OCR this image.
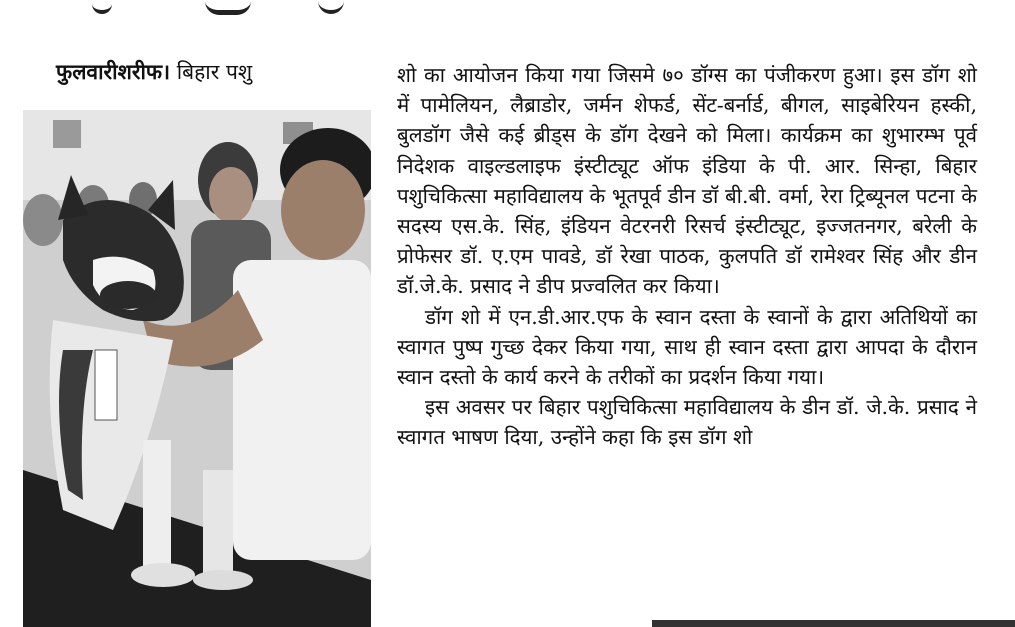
फुलवारीशरीफ। बिहार पशु	शो का आयोजन किया गया जिसमे ७० डॉग्स का पंजीकरण हुआ। इस डॉग शो में पामेलियन, लैब्राडोर, जर्मन शेफर्ड, सेंट-बर्नार्ड, बीगल, साइबेरियन हस्की, बुलडॉग जैसे कई ब्रीड्स के डॉग देखने को मिला। कार्यक्रम का शुभारम्भ पूर्व निदेशक वाइल्डलाइफ इंस्टीट्यूट ऑफ इंडिया के पी. आर. सिन्हा, बिहार पशुचिकित्सा महाविद्यालय के भूतपूर्व डीन डॉ बी.बी. वर्मा, रेरा ट्रिब्यूनल पटना के सदस्य एस.के. सिंह, इंडियन वेटरनरी रिसर्च इंस्टीट्यूट, इज्जतनगर, बरेली के प्रोफेसर डॉ. ए.एम पावडे, डॉ रेखा पाठक, कुलपति डॉ रामेश्वर सिंह और डीन डॉ.जे.के. प्रसाद ने डीप प्रज्वलित कर किया।

डॉग शो में एन.डी.आर.एफ के स्वान दस्ता के स्वानों के द्वारा अतिथियों का स्वागत पुष्प गुच्छ देकर किया गया, साथ ही स्वान दस्ता द्वारा आपदा के दौरान स्वान दस्तो के कार्य करने के तरीकों का प्रदर्शन किया गया।

इस अवसर पर बिहार पशुचिकित्सा महाविद्यालय के डीन डॉ. जे.के. प्रसाद ने स्वागत भाषण दिया, उन्होंने कहा कि इस डॉग शो
